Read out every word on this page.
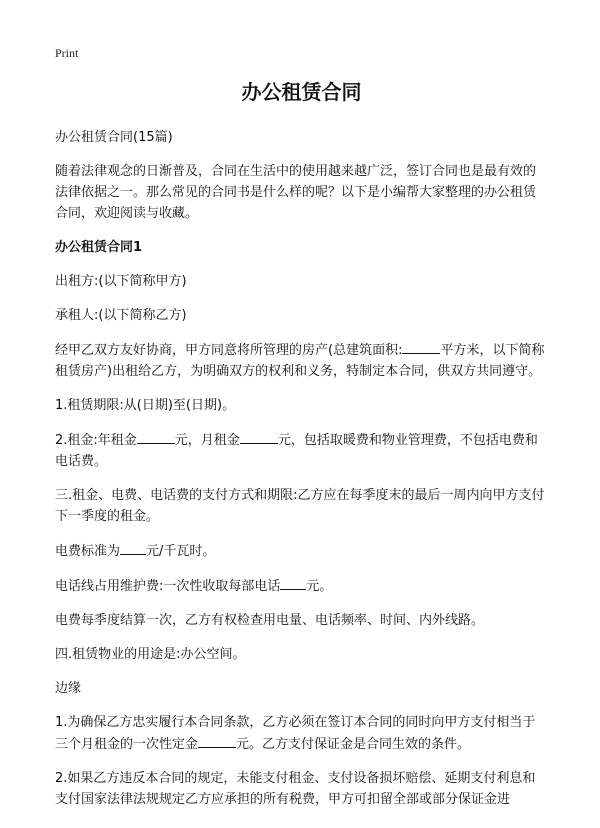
Print
办公租赁合同
办公租赁合同(15篇)
随着法律观念的日渐普及，合同在生活中的使用越来越广泛，签订合同也是最有效的法律依据之一。那么常见的合同书是什么样的呢？以下是小编帮大家整理的办公租赁合同，欢迎阅读与收藏。
办公租赁合同1
出租方:(以下简称甲方)
承租人:(以下简称乙方)
经甲乙双方友好协商，甲方同意将所管理的房产(总建筑面积:	平方米，以下简称租赁房产)出租给乙方，为明确双方的权利和义务，特制定本合同，供双方共同遵守。
1.租赁期限:从(日期)至(日期)。
2.租金:年租金	元，月租金	元，包括取暖费和物业管理费，不包括电费和电话费。
三.租金、电费、电话费的支付方式和期限:乙方应在每季度末的最后一周内向甲方支付下一季度的租金。
电费标准为 元/千瓦时。
电话线占用维护费:一次性收取每部电话 元。
电费每季度结算一次，乙方有权检查用电量、电话频率、时间、内外线路。
四.租赁物业的用途是:办公空间。
边缘
1.为确保乙方忠实履行本合同条款，乙方必须在签订本合同的同时向甲方支付相当于三个月租金的一次性定金	元。乙方支付保证金是合同生效的条件。
2.如果乙方违反本合同的规定，未能支付租金、支付设备损坏赔偿、延期支付利息和支付国家法律法规规定乙方应承担的所有税费，甲方可扣留全部或部分保证金进
